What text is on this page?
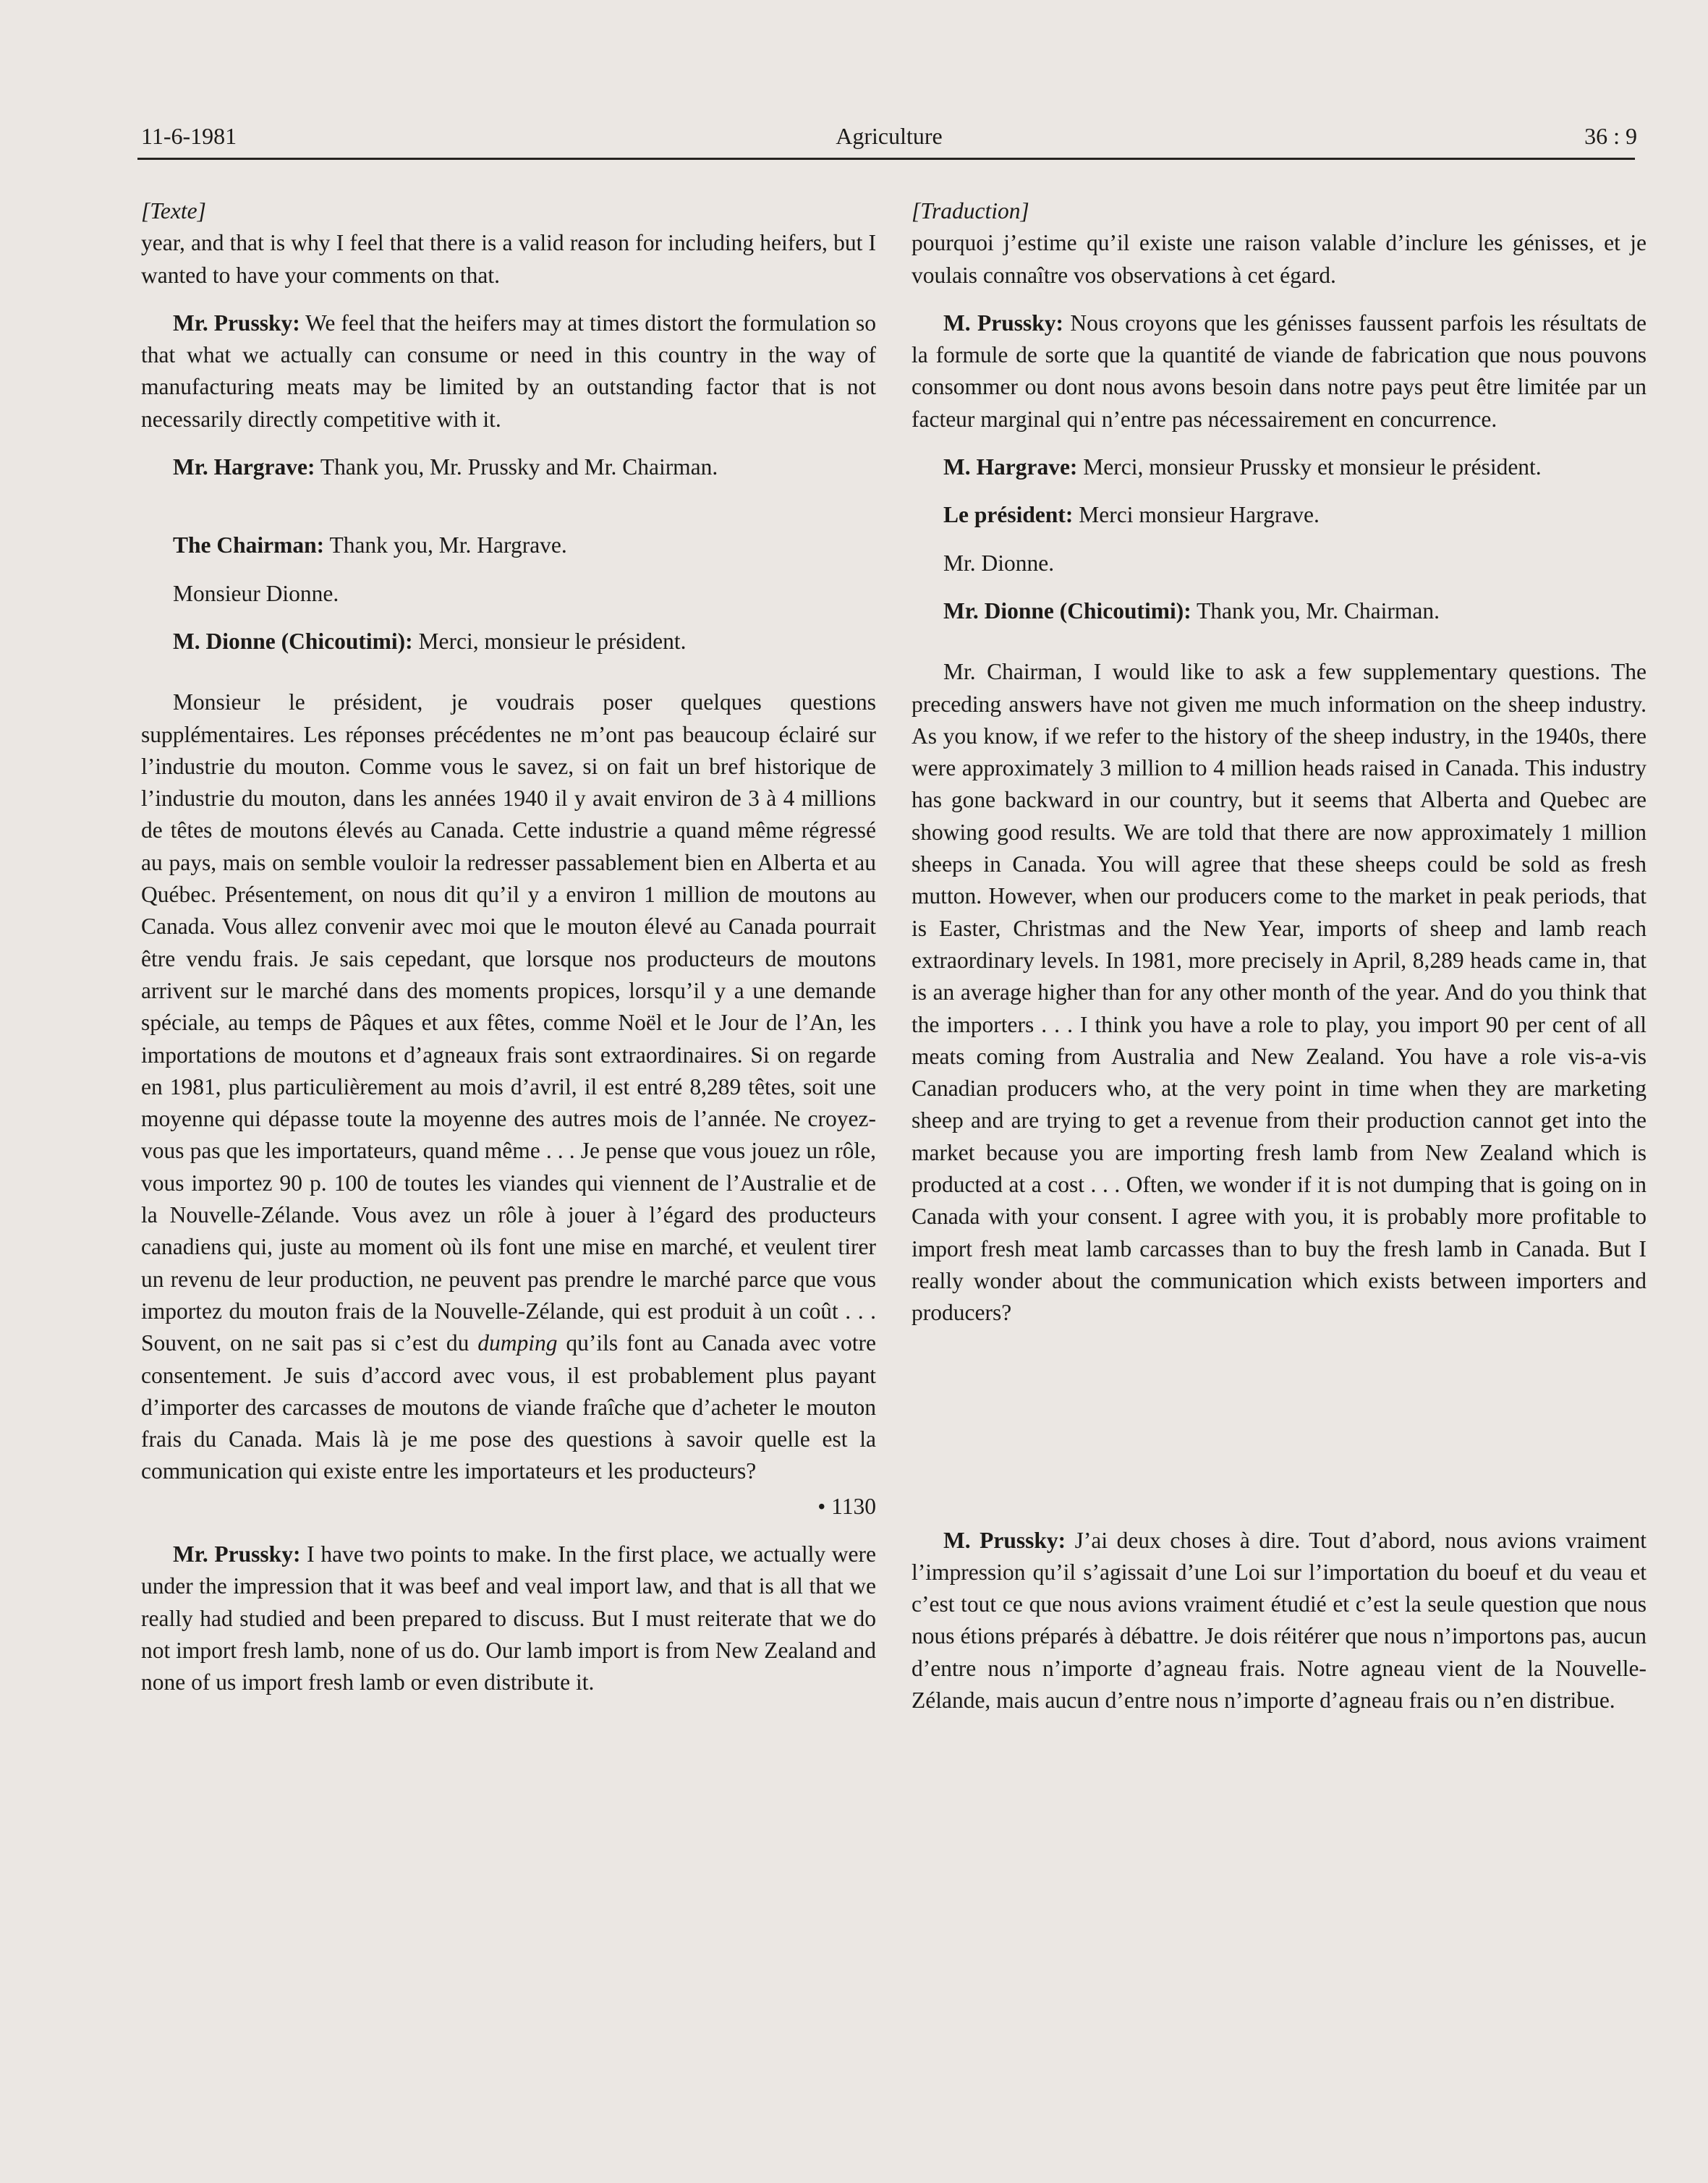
11-6-1981	Agriculture	36 : 9

[Texte]

year, and that is why I feel that there is a valid reason for including heifers, but I wanted to have your comments on that.

Mr. Prussky: We feel that the heifers may at times distort the formulation so that what we actually can consume or need in this country in the way of manufacturing meats may be limited by an outstanding factor that is not necessarily directly competitive with it.

Mr. Hargrave: Thank you, Mr. Prussky and Mr. Chairman.

The Chairman: Thank you, Mr. Hargrave.

Monsieur Dionne.

M. Dionne (Chicoutimi): Merci, monsieur le président.

Monsieur le président, je voudrais poser quelques questions supplémentaires. Les réponses précédentes ne m’ont pas beaucoup éclairé sur l’industrie du mouton. Comme vous le savez, si on fait un bref historique de l’industrie du mouton, dans les années 1940 il y avait environ de 3 à 4 millions de têtes de moutons élevés au Canada. Cette industrie a quand même régressé au pays, mais on semble vouloir la redresser passablement bien en Alberta et au Québec. Présentement, on nous dit qu’il y a environ 1 million de moutons au Canada. Vous allez convenir avec moi que le mouton élevé au Canada pourrait être vendu frais. Je sais cepedant, que lorsque nos producteurs de moutons arrivent sur le marché dans des moments propices, lorsqu’il y a une demande spéciale, au temps de Pâques et aux fêtes, comme Noël et le Jour de l’An, les importations de moutons et d’agneaux frais sont extraordinaires. Si on regarde en 1981, plus particulièrement au mois d’avril, il est entré 8,289 têtes, soit une moyenne qui dépasse toute la moyenne des autres mois de l’année. Ne croyez-vous pas que les importateurs, quand même . . . Je pense que vous jouez un rôle, vous importez 90 p. 100 de toutes les viandes qui viennent de l’Australie et de la Nouvelle-Zélande. Vous avez un rôle à jouer à l’égard des producteurs canadiens qui, juste au moment où ils font une mise en marché, et veulent tirer un revenu de leur production, ne peuvent pas prendre le marché parce que vous importez du mouton frais de la Nouvelle-Zélande, qui est produit à un coût . . . Souvent, on ne sait pas si c’est du dumping qu’ils font au Canada avec votre consentement. Je suis d’accord avec vous, il est probablement plus payant d’importer des carcasses de moutons de viande fraîche que d’acheter le mouton frais du Canada. Mais là je me pose des questions à savoir quelle est la communication qui existe entre les importateurs et les producteurs?

• 1130

Mr. Prussky: I have two points to make. In the first place, we actually were under the impression that it was beef and veal import law, and that is all that we really had studied and been prepared to discuss. But I must reiterate that we do not import fresh lamb, none of us do. Our lamb import is from New Zealand and none of us import fresh lamb or even distribute it.

[Traduction]

pourquoi j’estime qu’il existe une raison valable d’inclure les génisses, et je voulais connaître vos observations à cet égard.

M. Prussky: Nous croyons que les génisses faussent parfois les résultats de la formule de sorte que la quantité de viande de fabrication que nous pouvons consommer ou dont nous avons besoin dans notre pays peut être limitée par un facteur marginal qui n’entre pas nécessairement en concurrence.

M. Hargrave: Merci, monsieur Prussky et monsieur le président.

Le président: Merci monsieur Hargrave.

Mr. Dionne.

Mr. Dionne (Chicoutimi): Thank you, Mr. Chairman.

Mr. Chairman, I would like to ask a few supplementary questions. The preceding answers have not given me much information on the sheep industry. As you know, if we refer to the history of the sheep industry, in the 1940s, there were approximately 3 million to 4 million heads raised in Canada. This industry has gone backward in our country, but it seems that Alberta and Quebec are showing good results. We are told that there are now approximately 1 million sheeps in Canada. You will agree that these sheeps could be sold as fresh mutton. However, when our producers come to the market in peak periods, that is Easter, Christmas and the New Year, imports of sheep and lamb reach extraordinary levels. In 1981, more precisely in April, 8,289 heads came in, that is an average higher than for any other month of the year. And do you think that the importers . . . I think you have a role to play, you import 90 per cent of all meats coming from Australia and New Zealand. You have a role vis-a-vis Canadian producers who, at the very point in time when they are marketing sheep and are trying to get a revenue from their production cannot get into the market because you are importing fresh lamb from New Zealand which is producted at a cost . . . Often, we wonder if it is not dumping that is going on in Canada with your consent. I agree with you, it is probably more profitable to import fresh meat lamb carcasses than to buy the fresh lamb in Canada. But I really wonder about the communication which exists between importers and producers?

M. Prussky: J’ai deux choses à dire. Tout d’abord, nous avions vraiment l’impression qu’il s’agissait d’une Loi sur l’importation du boeuf et du veau et c’est tout ce que nous avions vraiment étudié et c’est la seule question que nous nous étions préparés à débattre. Je dois réitérer que nous n’importons pas, aucun d’entre nous n’importe d’agneau frais. Notre agneau vient de la Nouvelle-Zélande, mais aucun d’entre nous n’importe d’agneau frais ou n’en distribue.
